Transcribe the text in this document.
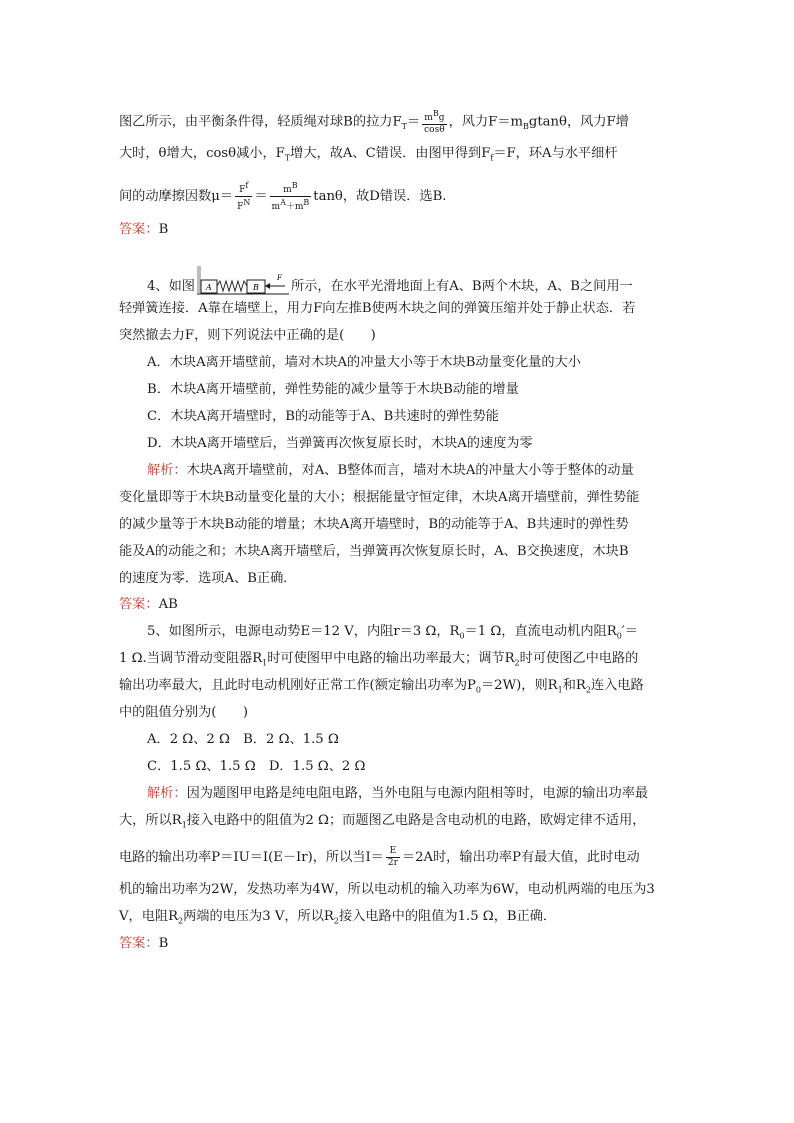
图乙所示，由平衡条件得，轻质绳对球B的拉力$F_T= \frac{m^Bg}{\cos\theta}$ ，风力$F=m_Bgtan\theta$，风力F增
大时，θ增大，cosθ减小，$F_T$增大，故A、C错误．由图甲得到$F_f=F$，环A与水平细杆
间的动摩擦因数$\mu= \frac{F^f}{F^N} = \frac{m^B}{m^A+m^B}$ tanθ，故D错误．选B.
答案：B
4、如图 A	B
F
所示，在水平光滑地面上有A、B两个木块，A、B之间用一
轻弹簧连接．A靠在墙壁上，用力F向左推B使两木块之间的弹簧压缩并处于静止状态．若
突然撤去力F，则下列说法中正确的是(　　)
A．木块A离开墙壁前，墙对木块A的冲量大小等于木块B动量变化量的大小
B．木块A离开墙壁前，弹性势能的减少量等于木块B动能的增量
C．木块A离开墙壁时，B的动能等于A、B共速时的弹性势能
D．木块A离开墙壁后，当弹簧再次恢复原长时，木块A的速度为零
解析：木块A离开墙壁前，对A、B整体而言，墙对木块A的冲量大小等于整体的动量
变化量即等于木块B动量变化量的大小；根据能量守恒定律，木块A离开墙壁前，弹性势能
的减少量等于木块B动能的增量；木块A离开墙壁时，B的动能等于A、B共速时的弹性势
能及A的动能之和；木块A离开墙壁后，当弹簧再次恢复原长时，A、B交换速度，木块B
的速度为零．选项A、B正确．
答案：AB
5、如图所示，电源电动势E＝12 V，内阻r＝3 Ω，$R_0=1$ Ω，直流电动机内阻$R_0'=$
1 Ω.当调节滑动变阻器$R_1$时可使图甲中电路的输出功率最大；调节$R_2$时可使图乙中电路的
输出功率最大，且此时电动机刚好正常工作(额定输出功率为$P_0=2W$)，则$R_1$和$R_2$连入电路
中的阻值分别为(　　)
A．2 Ω、2 Ω　B．2 Ω、1.5 Ω
C．1.5 Ω、1.5 Ω　D．1.5 Ω、2 Ω
解析：因为题图甲电路是纯电阻电路，当外电阻与电源内阻相等时，电源的输出功率最
大，所以$R_1$接入电路中的阻值为2 Ω；而题图乙电路是含电动机的电路，欧姆定律不适用，
电路的输出功率P＝IU＝I(E－Ir)，所以当$I= \frac{E}{2r} =2A$时，输出功率P有最大值，此时电动
机的输出功率为2W，发热功率为4W，所以电动机的输入功率为6W，电动机两端的电压为3
V，电阻$R_2$两端的电压为3 V，所以$R_2$接入电路中的阻值为1.5 Ω，B正确．
答案：B
